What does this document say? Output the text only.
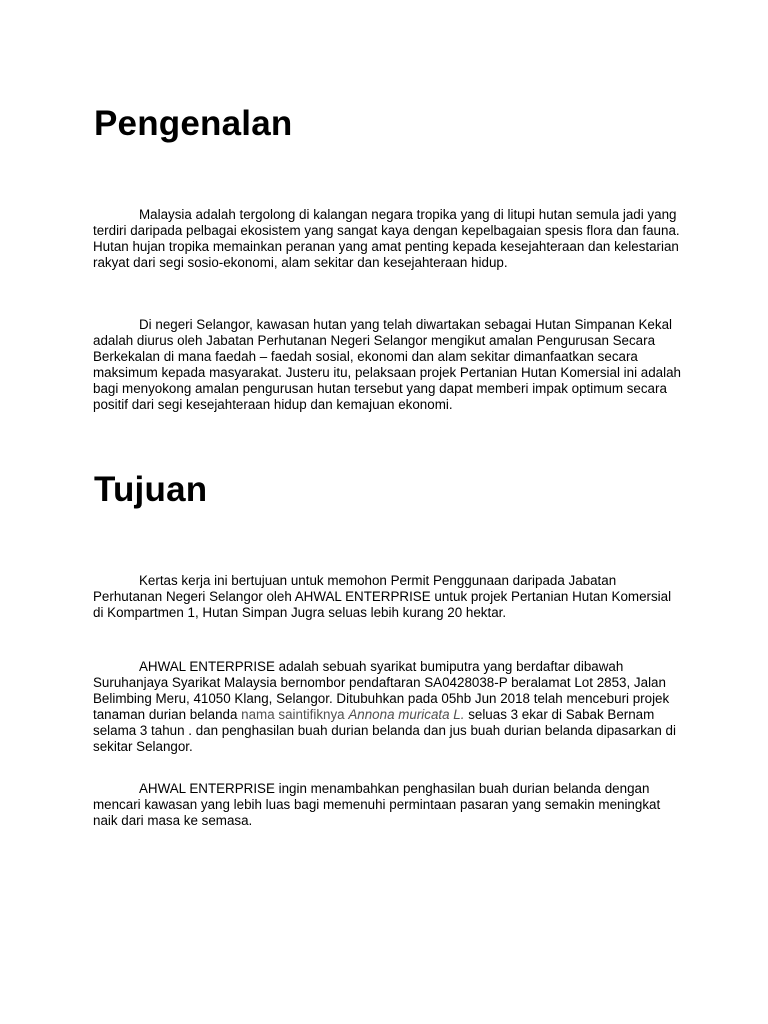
Pengenalan

Malaysia adalah tergolong di kalangan negara tropika yang di litupi hutan semula jadi yang terdiri daripada pelbagai ekosistem yang sangat kaya dengan kepelbagaian spesis flora dan fauna. Hutan hujan tropika memainkan peranan yang amat penting kepada kesejahteraan dan kelestarian rakyat dari segi sosio-ekonomi, alam sekitar dan kesejahteraan hidup.

Di negeri Selangor, kawasan hutan yang telah diwartakan sebagai Hutan Simpanan Kekal adalah diurus oleh Jabatan Perhutanan Negeri Selangor mengikut amalan Pengurusan Secara Berkekalan di mana faedah – faedah sosial, ekonomi dan alam sekitar dimanfaatkan secara maksimum kepada masyarakat. Justeru itu, pelaksaan projek Pertanian Hutan Komersial ini adalah bagi menyokong amalan pengurusan hutan tersebut yang dapat memberi impak optimum secara positif dari segi kesejahteraan hidup dan kemajuan ekonomi.

Tujuan

Kertas kerja ini bertujuan untuk memohon Permit Penggunaan daripada Jabatan Perhutanan Negeri Selangor oleh AHWAL ENTERPRISE untuk projek Pertanian Hutan Komersial di Kompartmen 1, Hutan Simpan Jugra seluas lebih kurang 20 hektar.

AHWAL ENTERPRISE adalah sebuah syarikat bumiputra yang berdaftar dibawah Suruhanjaya Syarikat Malaysia bernombor pendaftaran SA0428038-P beralamat Lot 2853, Jalan Belimbing Meru, 41050 Klang, Selangor. Ditubuhkan pada 05hb Jun 2018 telah menceburi projek tanaman durian belanda nama saintifiknya Annona muricata L. seluas 3 ekar di Sabak Bernam selama 3 tahun . dan penghasilan buah durian belanda dan jus buah durian belanda dipasarkan di sekitar Selangor.

AHWAL ENTERPRISE ingin menambahkan penghasilan buah durian belanda dengan mencari kawasan yang lebih luas bagi memenuhi permintaan pasaran yang semakin meningkat naik dari masa ke semasa.
